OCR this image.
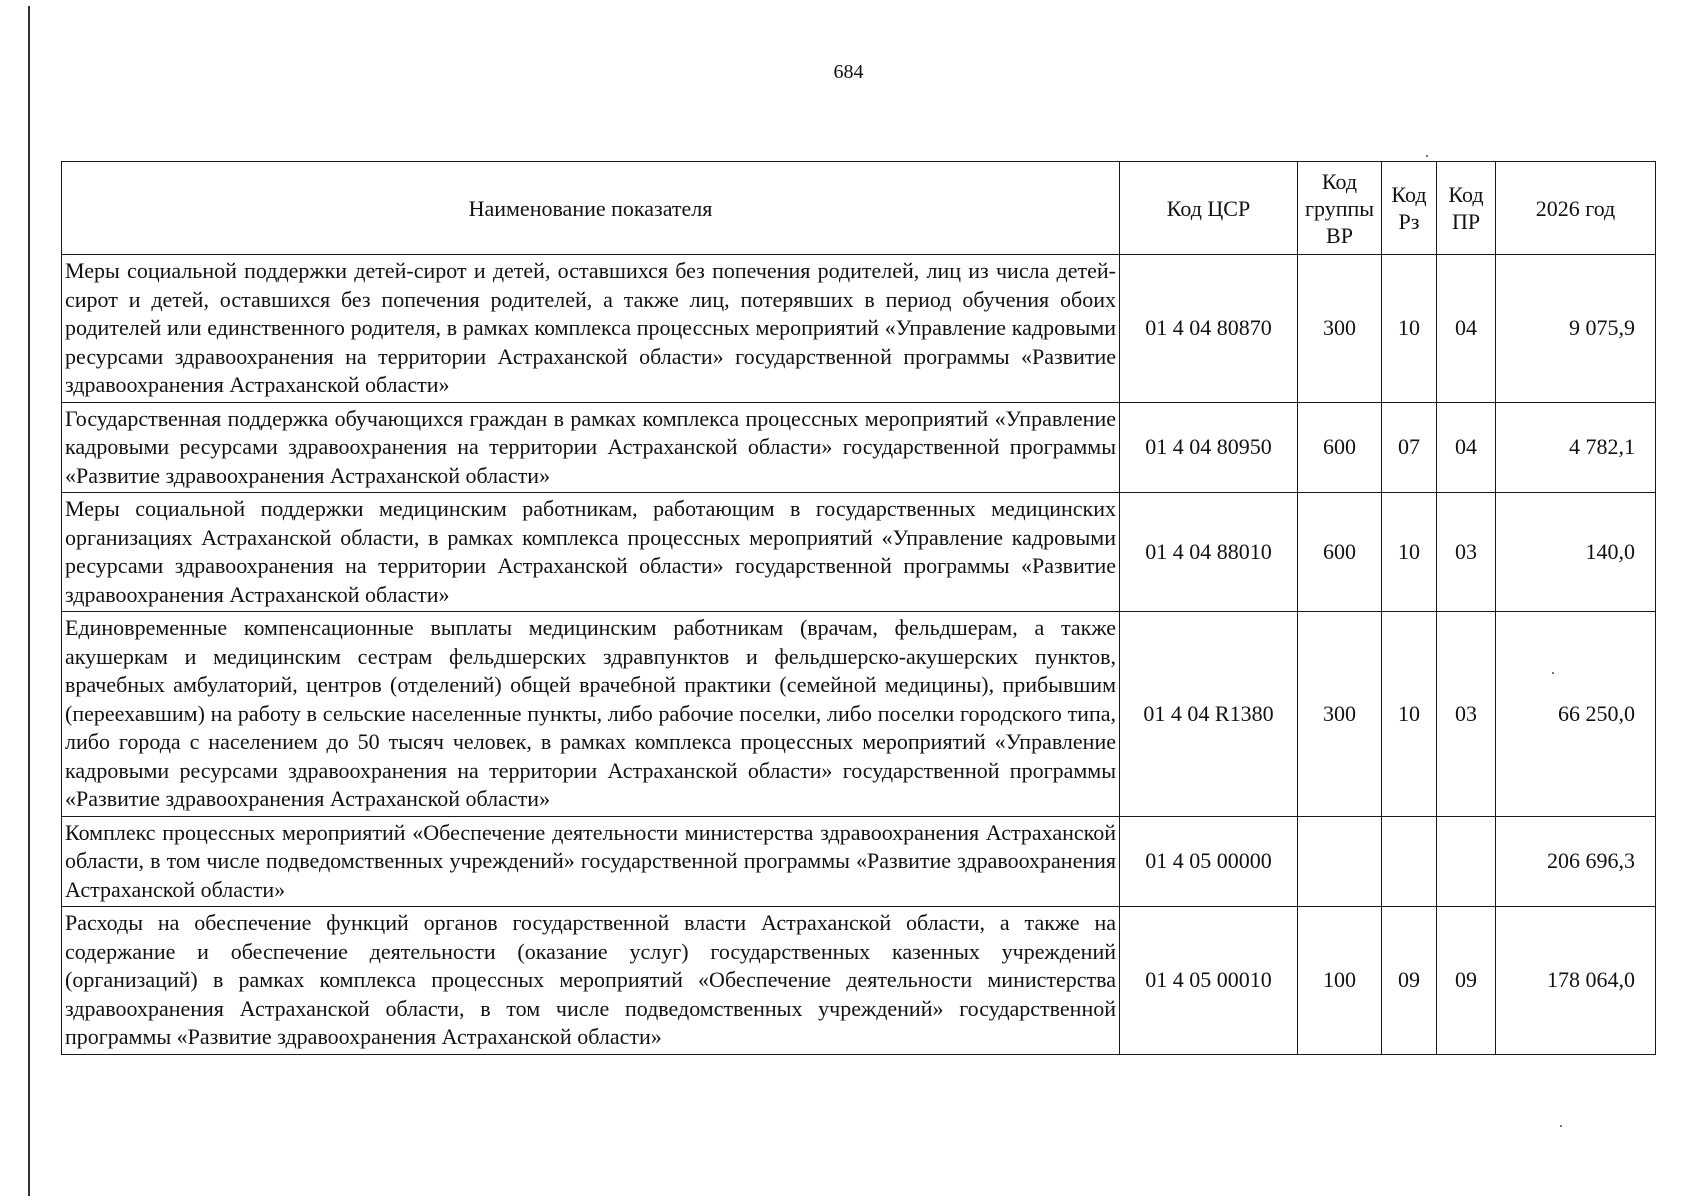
684
Наименование показателя	Код ЦСР	Код группы ВР	Код Рз	Код ПР	2026 год
Меры социальной поддержки детей-сирот и детей, оставшихся без попечения родителей, лиц из числа детей-сирот и детей, оставшихся без попечения родителей, а также лиц, потерявших в период обучения обоих родителей или единственного родителя, в рамках комплекса процессных мероприятий «Управление кадровыми ресурсами здравоохранения на территории Астраханской области» государственной программы «Развитие здравоохранения Астраханской области»	01 4 04 80870	300	10	04	9 075,9
Государственная поддержка обучающихся граждан в рамках комплекса процессных мероприятий «Управление кадровыми ресурсами здравоохранения на территории Астраханской области» государственной программы «Развитие здравоохранения Астраханской области»	01 4 04 80950	600	07	04	4 782,1
Меры социальной поддержки медицинским работникам, работающим в государственных медицинских организациях Астраханской области, в рамках комплекса процессных мероприятий «Управление кадровыми ресурсами здравоохранения на территории Астраханской области» государственной программы «Развитие здравоохранения Астраханской области»	01 4 04 88010	600	10	03	140,0
Единовременные компенсационные выплаты медицинским работникам (врачам, фельдшерам, а также акушеркам и медицинским сестрам фельдшерских здравпунктов и фельдшерско-акушерских пунктов, врачебных амбулаторий, центров (отделений) общей врачебной практики (семейной медицины), прибывшим (переехавшим) на работу в сельские населенные пункты, либо рабочие поселки, либо поселки городского типа, либо города с населением до 50 тысяч человек, в рамках комплекса процессных мероприятий «Управление кадровыми ресурсами здравоохранения на территории Астраханской области» государственной программы «Развитие здравоохранения Астраханской области»	01 4 04 R1380	300	10	03	66 250,0
Комплекс процессных мероприятий «Обеспечение деятельности министерства здравоохранения Астраханской области, в том числе подведомственных учреждений» государственной программы «Развитие здравоохранения Астраханской области»	01 4 05 00000				206 696,3
Расходы на обеспечение функций органов государственной власти Астраханской области, а также на содержание и обеспечение деятельности (оказание услуг) государственных казенных учреждений (организаций) в рамках комплекса процессных мероприятий «Обеспечение деятельности министерства здравоохранения Астраханской области, в том числе подведомственных учреждений» государственной программы «Развитие здравоохранения Астраханской области»	01 4 05 00010	100	09	09	178 064,0
